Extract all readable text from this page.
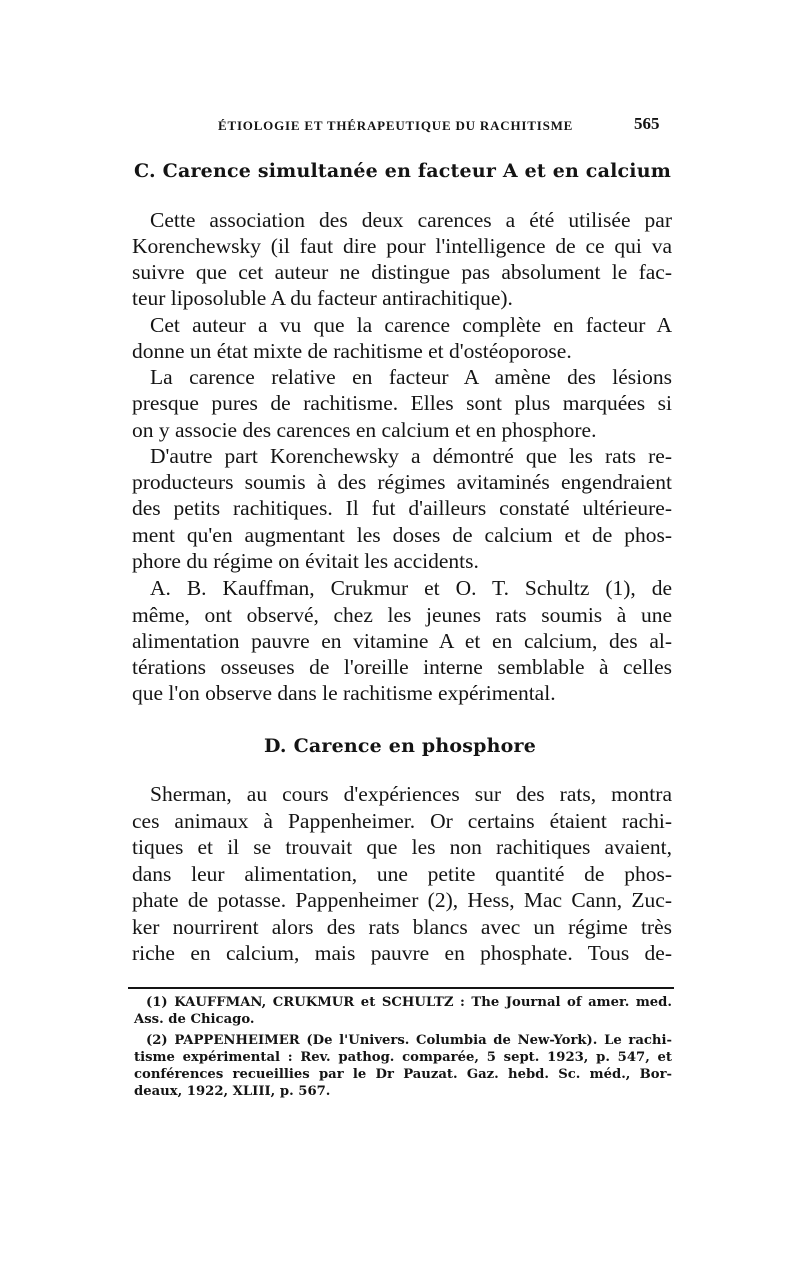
ÉTIOLOGIE ET THÉRAPEUTIQUE DU RACHITISME	565
C. Carence simultanée en facteur A et en calcium
Cette association des deux carences a été utilisée par
Korenchewsky (il faut dire pour l'intelligence de ce qui va
suivre que cet auteur ne distingue pas absolument le fac-
teur liposoluble A du facteur antirachitique).
Cet auteur a vu que la carence complète en facteur A
donne un état mixte de rachitisme et d'ostéoporose.
La carence relative en facteur A amène des lésions
presque pures de rachitisme. Elles sont plus marquées si
on y associe des carences en calcium et en phosphore.
D'autre part Korenchewsky a démontré que les rats re-
producteurs soumis à des régimes avitaminés engendraient
des petits rachitiques. Il fut d'ailleurs constaté ultérieure-
ment qu'en augmentant les doses de calcium et de phos-
phore du régime on évitait les accidents.
A. B. Kauffman, Crukmur et O. T. Schultz (1), de
même, ont observé, chez les jeunes rats soumis à une
alimentation pauvre en vitamine A et en calcium, des al-
térations osseuses de l'oreille interne semblable à celles
que l'on observe dans le rachitisme expérimental.
D. Carence en phosphore
Sherman, au cours d'expériences sur des rats, montra
ces animaux à Pappenheimer. Or certains étaient rachi-
tiques et il se trouvait que les non rachitiques avaient,
dans leur alimentation, une petite quantité de phos-
phate de potasse. Pappenheimer (2), Hess, Mac Cann, Zuc-
ker nourrirent alors des rats blancs avec un régime très
riche en calcium, mais pauvre en phosphate. Tous de-
(1) KAUFFMAN, CRUKMUR et SCHULTZ : The Journal of amer. med.
Ass. de Chicago.
(2) PAPPENHEIMER (De l'Univers. Columbia de New-York). Le rachi-
tisme expérimental : Rev. pathog. comparée, 5 sept. 1923, p. 547, et
conférences recueillies par le Dr Pauzat. Gaz. hebd. Sc. méd., Bor-
deaux, 1922, XLIII, p. 567.
